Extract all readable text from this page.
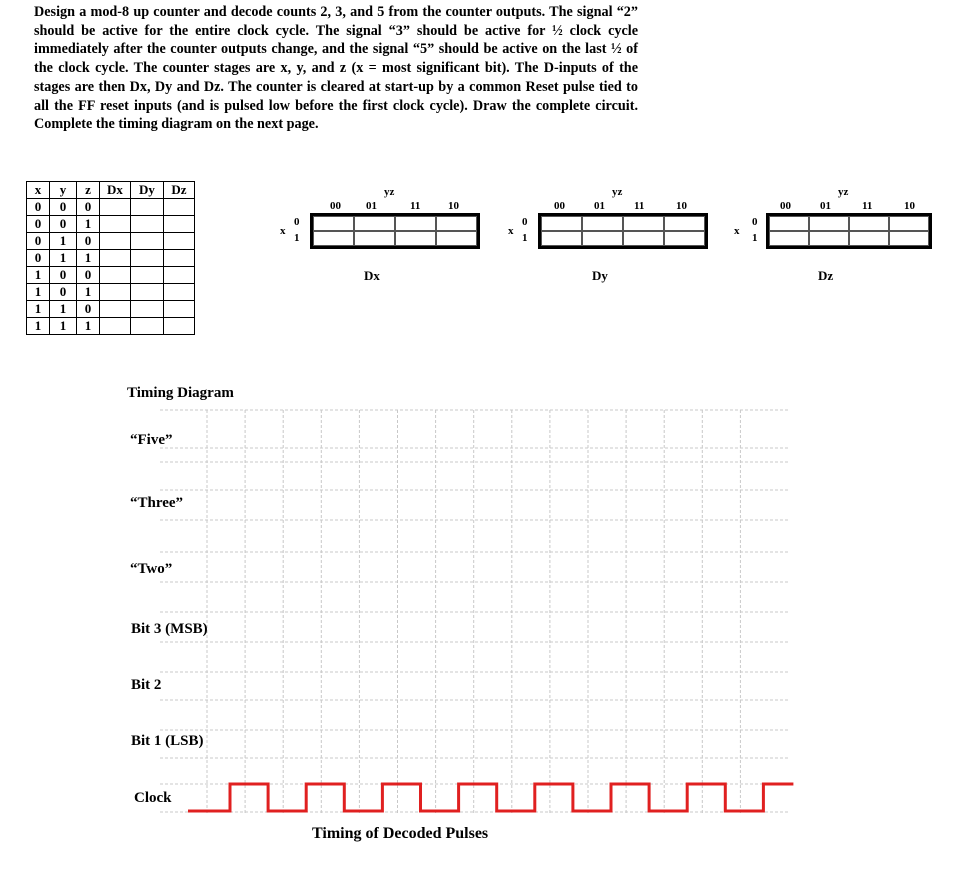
Design a mod-8 up counter and decode counts 2, 3, and 5 from the counter outputs. The signal “2” should be active for the entire clock cycle. The signal “3” should be active for ½ clock cycle immediately after the counter outputs change, and the signal “5” should be active on the last ½ of the clock cycle. The counter stages are x, y, and z (x = most significant bit). The D-inputs of the stages are then Dx, Dy and Dz. The counter is cleared at start-up by a common Reset pulse tied to all the FF reset inputs (and is pulsed low before the first clock cycle). Draw the complete circuit. Complete the timing diagram on the next page.

x	y	z	Dx	Dy	Dz
0	0	0			
0	0	1			
0	1	0			
0	1	1			
1	0	0			
1	0	1			
1	1	0			
1	1	1			
yz
00 01	11	10
x
0
1
Dx
yz
00	01	11	10
x
0
1
Dy
yz
00	01	11	10
x
0
1
Dz
Timing Diagram
“Five”
“Three”
“Two”
Bit 3 (MSB)
Bit 2
Bit 1 (LSB)
Clock
Timing of Decoded Pulses
